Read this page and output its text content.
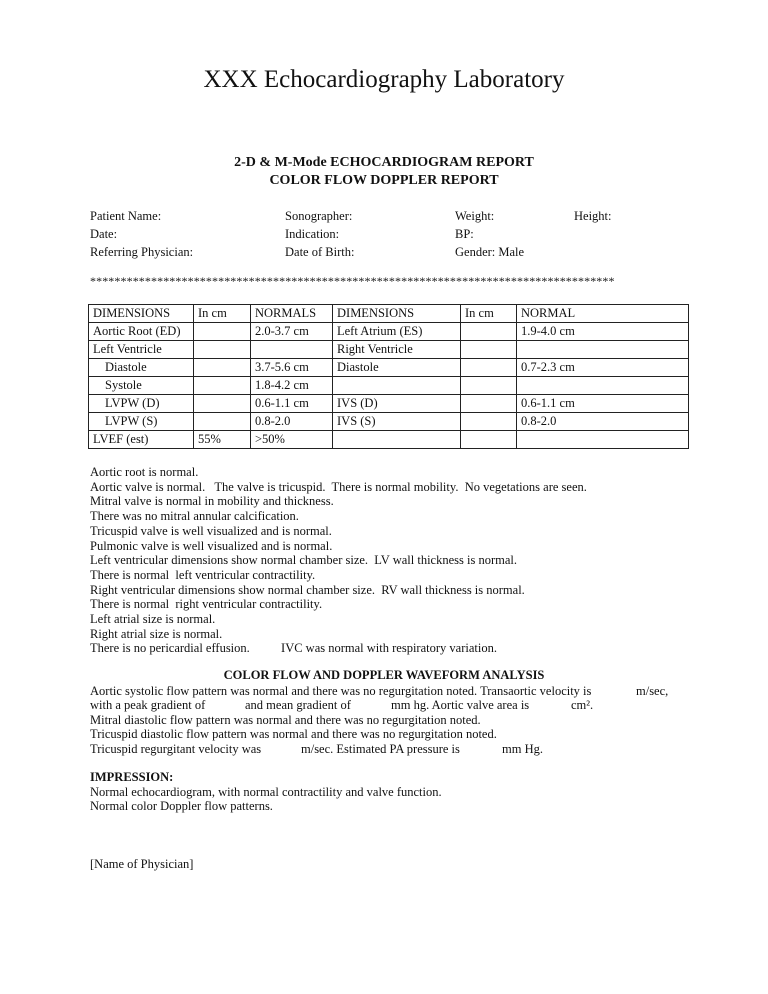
XXX Echocardiography Laboratory
2-D & M-Mode ECHOCARDIOGRAM REPORT
COLOR FLOW DOPPLER REPORT
Patient Name:	Sonographer:	Weight:	Height:
Date:	Indication:	BP:
Referring Physician:	Date of Birth:	Gender: Male
**************************************************************************************
DIMENSIONS	In cm	NORMALS	DIMENSIONS	In cm	NORMAL
Aortic Root (ED)		2.0-3.7 cm	Left Atrium (ES)		1.9-4.0 cm
Left Ventricle			Right Ventricle		
Diastole		3.7-5.6 cm	Diastole		0.7-2.3 cm
Systole		1.8-4.2 cm			
LVPW (D)		0.6-1.1 cm	IVS (D)		0.6-1.1 cm
LVPW (S)		0.8-2.0	IVS (S)		0.8-2.0
LVEF (est)	55%	>50%			
Aortic root is normal.
Aortic valve is normal.   The valve is tricuspid.  There is normal mobility.  No vegetations are seen.
Mitral valve is normal in mobility and thickness.
There was no mitral annular calcification.
Tricuspid valve is well visualized and is normal.
Pulmonic valve is well visualized and is normal.
Left ventricular dimensions show normal chamber size.  LV wall thickness is normal.
There is normal  left ventricular contractility.
Right ventricular dimensions show normal chamber size.  RV wall thickness is normal.
There is normal  right ventricular contractility.
Left atrial size is normal.
Right atrial size is normal.
There is no pericardial effusion.          IVC was normal with respiratory variation.
COLOR FLOW AND DOPPLER WAVEFORM ANALYSIS
Aortic systolic flow pattern was normal and there was no regurgitation noted. Transaortic velocity is	m/sec,
with a peak gradient of	and mean gradient of	mm hg. Aortic valve area is	cm².
Mitral diastolic flow pattern was normal and there was no regurgitation noted.
Tricuspid diastolic flow pattern was normal and there was no regurgitation noted.
Tricuspid regurgitant velocity was	m/sec. Estimated PA pressure is	mm Hg.
IMPRESSION:
Normal echocardiogram, with normal contractility and valve function.
Normal color Doppler flow patterns.
[Name of Physician]
